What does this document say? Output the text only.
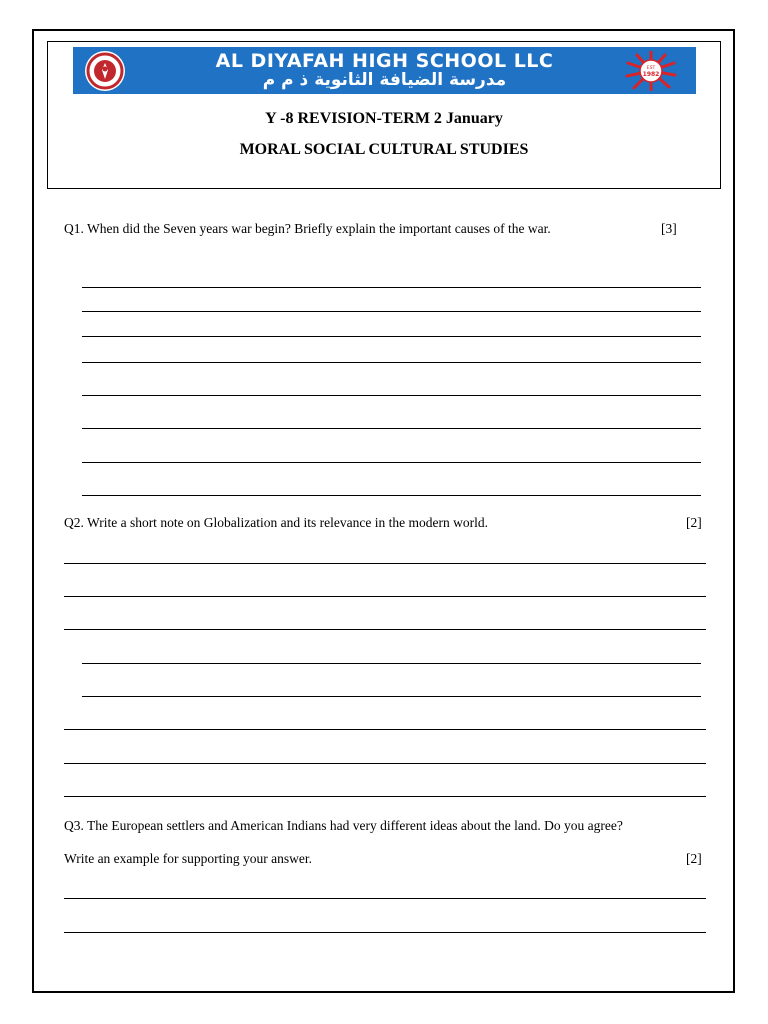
AL DIYAFAH HIGH SCHOOL LLC
مدرسة الضيافة الثانوية ذ م م
EST
1982
Y -8 REVISION-TERM 2 January
MORAL SOCIAL CULTURAL STUDIES
Q1. When did the Seven years war begin? Briefly explain the important causes of the war.	[3]
Q2. Write a short note on Globalization and its relevance in the modern world.	[2]
Q3. The European settlers and American Indians had very different ideas about the land. Do you agree?
Write an example for supporting your answer.	[2]
